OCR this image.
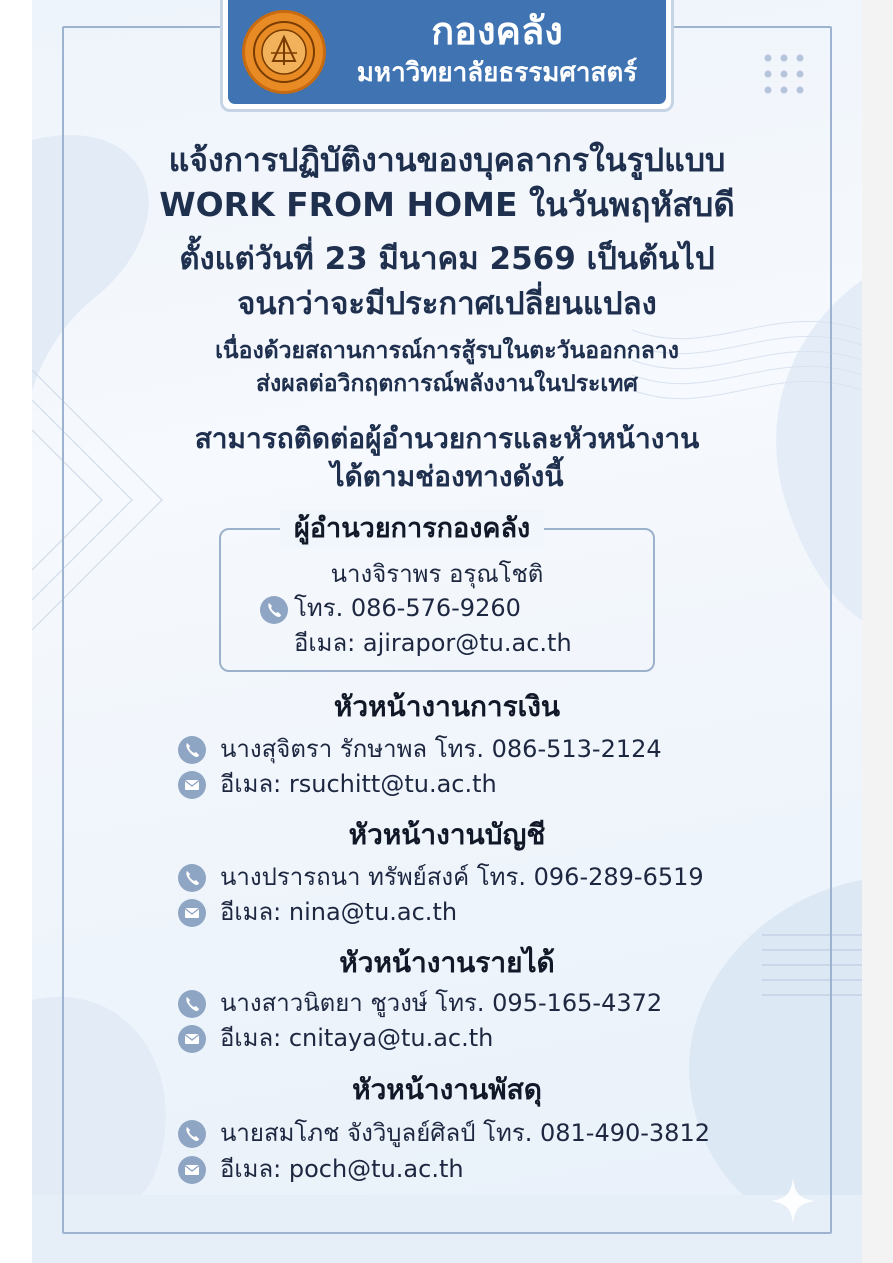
กองคลัง
มหาวิทยาลัยธรรมศาสตร์
แจ้งการปฏิบัติงานของบุคลากรในรูปแบบ
WORK FROM HOME ในวันพฤหัสบดี
ตั้งแต่วันที่ 23 มีนาคม 2569 เป็นต้นไป
จนกว่าจะมีประกาศเปลี่ยนแปลง
เนื่องด้วยสถานการณ์การสู้รบในตะวันออกกลาง
ส่งผลต่อวิกฤตการณ์พลังงานในประเทศ
สามารถติดต่อผู้อำนวยการและหัวหน้างาน
ได้ตามช่องทางดังนี้
ผู้อำนวยการกองคลัง
นางจิราพร อรุณโชติ
โทร. 086-576-9260
อีเมล: ajirapor@tu.ac.th
หัวหน้างานการเงิน
นางสุจิตรา รักษาพล โทร. 086-513-2124
อีเมล: rsuchitt@tu.ac.th
หัวหน้างานบัญชี
นางปรารถนา ทรัพย์สงค์ โทร. 096-289-6519
อีเมล: nina@tu.ac.th
หัวหน้างานรายได้
นางสาวนิตยา ชูวงษ์ โทร. 095-165-4372
อีเมล: cnitaya@tu.ac.th
หัวหน้างานพัสดุ
นายสมโภช จังวิบูลย์ศิลป์ โทร. 081-490-3812
อีเมล: poch@tu.ac.th
